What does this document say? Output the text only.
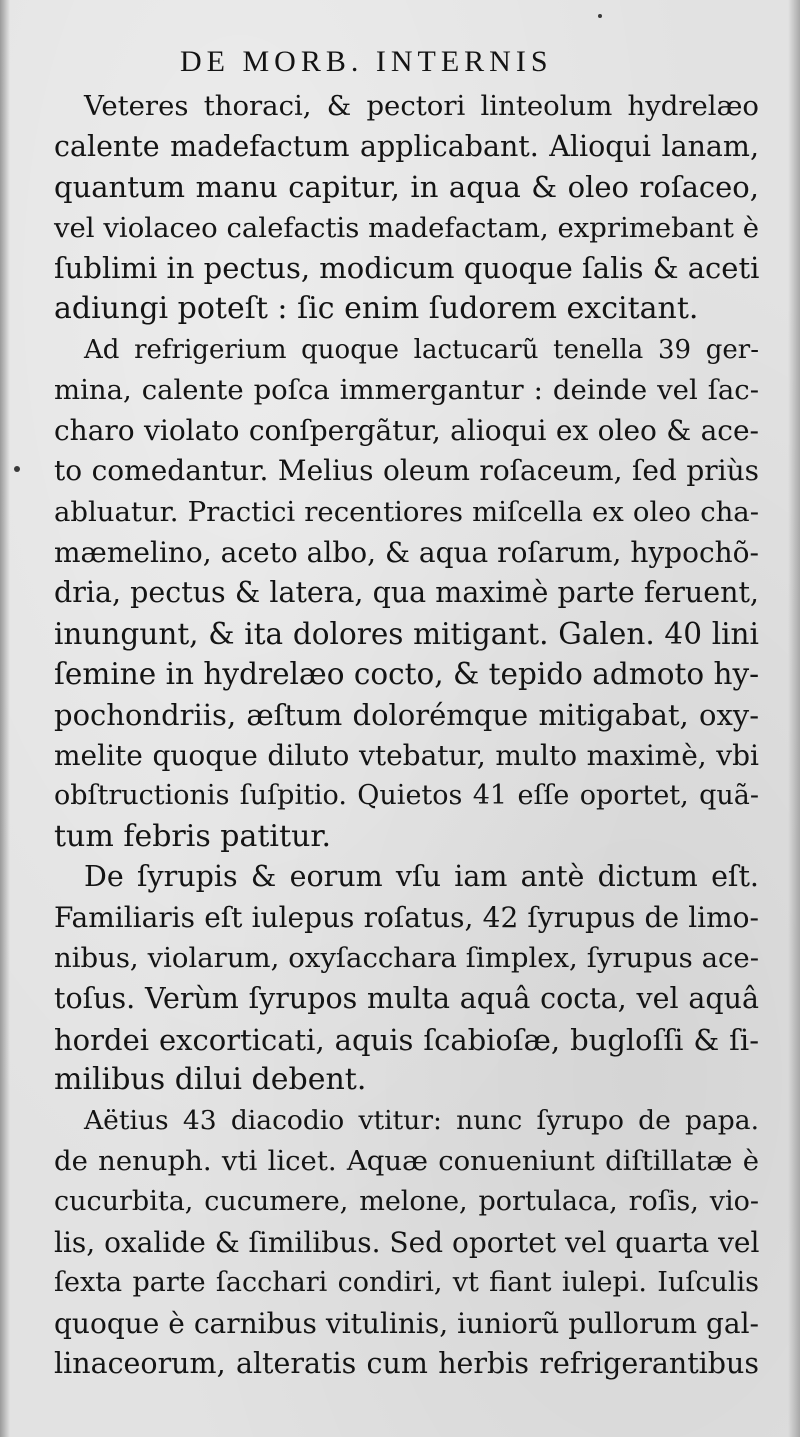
DE MORB. INTERNIS

Veteres thoraci, & pectori linteolum hydrelæo
calente madefactum applicabant. Alioqui lanam,
quantum manu capitur, in aqua & oleo roſaceo,
vel violaceo calefactis madefactam, exprimebant è
ſublimi in pectus, modicum quoque ſalis & aceti
adiungi poteſt : ſic enim ſudorem excitant.

Ad refrigerium quoque lactucarũ tenella 39 ger-
mina, calente poſca immergantur : deinde vel ſac-
charo violato conſpergãtur, alioqui ex oleo & ace-
to comedantur. Melius oleum roſaceum, ſed priùs
abluatur. Practici recentiores miſcella ex oleo cha-
mæmelino, aceto albo, & aqua roſarum, hypochõ-
dria, pectus & latera, qua maximè parte feruent,
inungunt, & ita dolores mitigant. Galen. 40 lini
ſemine in hydrelæo cocto, & tepido admoto hy-
pochondriis, æſtum dolorémque mitigabat, oxy-
melite quoque diluto vtebatur, multo maximè, vbi
obſtructionis ſuſpitio. Quietos 41 eſſe oportet, quã-
tum febris patitur.

De ſyrupis & eorum vſu iam antè dictum eſt.
Familiaris eſt iulepus roſatus, 42 ſyrupus de limo-
nibus, violarum, oxyſacchara ſimplex, ſyrupus ace-
toſus. Verùm ſyrupos multa aquâ cocta, vel aquâ
hordei excorticati, aquis ſcabioſæ, bugloſſi & ſi-
milibus dilui debent.

Aëtius 43 diacodio vtitur: nunc ſyrupo de papa.
de nenuph. vti licet. Aquæ conueniunt diſtillatæ è
cucurbita, cucumere, melone, portulaca, roſis, vio-
lis, oxalide & ſimilibus. Sed oportet vel quarta vel
ſexta parte ſacchari condiri, vt fiant iulepi. Iuſculis
quoque è carnibus vitulinis, iuniorũ pullorum gal-
linaceorum, alteratis cum herbis refrigerantibus
